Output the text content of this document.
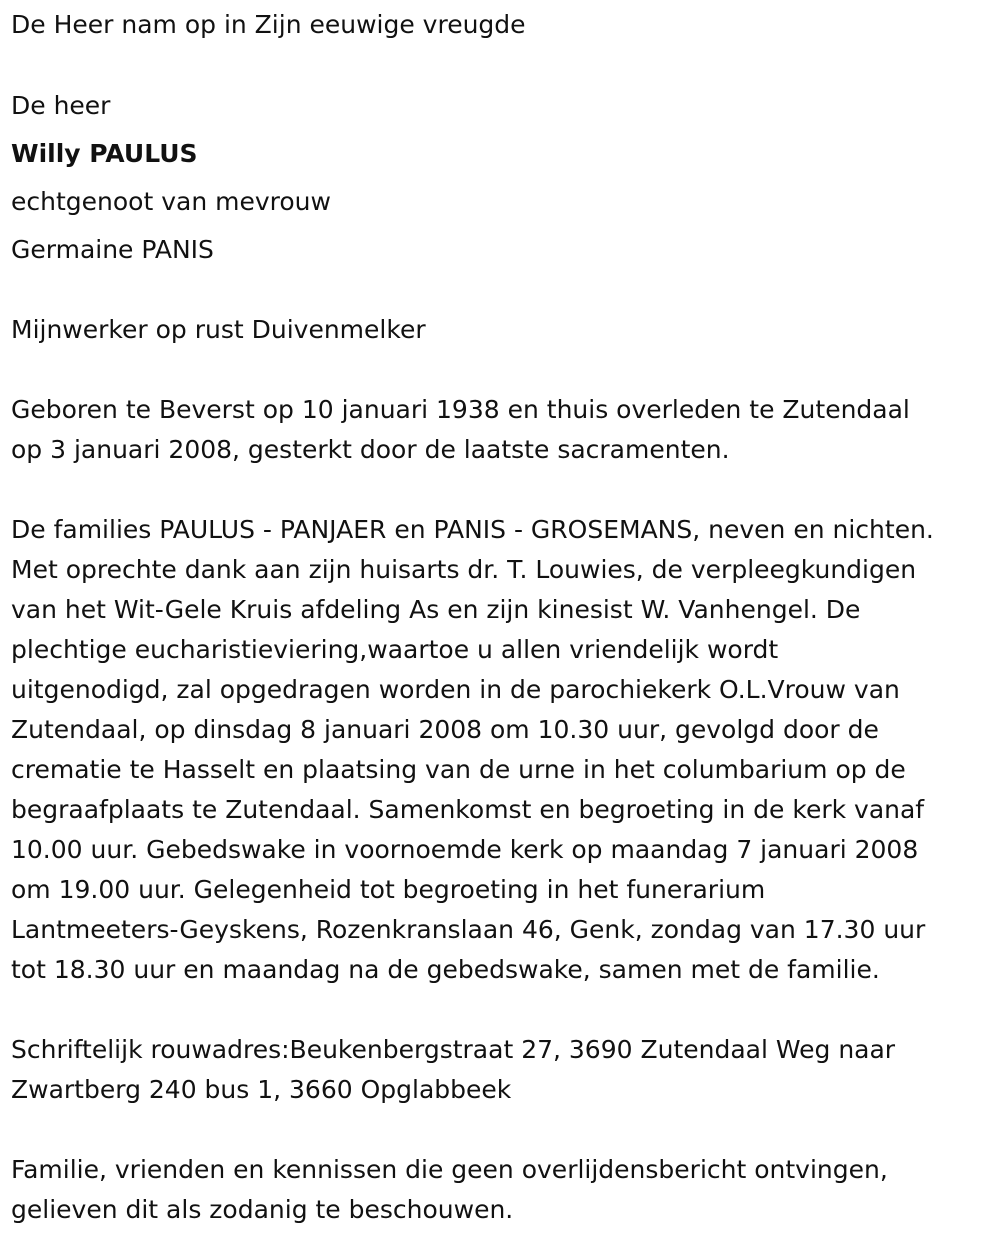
De Heer nam op in Zijn eeuwige vreugde

De heer

Willy PAULUS

echtgenoot van mevrouw

Germaine PANIS

Mijnwerker op rust Duivenmelker

Geboren te Beverst op 10 januari 1938 en thuis overleden te Zutendaal
op 3 januari 2008, gesterkt door de laatste sacramenten.
De families PAULUS - PANJAER en PANIS - GROSEMANS, neven en nichten.
Met oprechte dank aan zijn huisarts dr. T. Louwies, de verpleegkundigen
van het Wit-Gele Kruis afdeling As en zijn kinesist W. Vanhengel. De
plechtige eucharistieviering,waartoe u allen vriendelijk wordt
uitgenodigd, zal opgedragen worden in de parochiekerk O.L.Vrouw van
Zutendaal, op dinsdag 8 januari 2008 om 10.30 uur, gevolgd door de
crematie te Hasselt en plaatsing van de urne in het columbarium op de
begraafplaats te Zutendaal. Samenkomst en begroeting in de kerk vanaf
10.00 uur. Gebedswake in voornoemde kerk op maandag 7 januari 2008
om 19.00 uur. Gelegenheid tot begroeting in het funerarium
Lantmeeters-Geyskens, Rozenkranslaan 46, Genk, zondag van 17.30 uur
tot 18.30 uur en maandag na de gebedswake, samen met de familie.
Schriftelijk rouwadres:Beukenbergstraat 27, 3690 Zutendaal Weg naar
Zwartberg 240 bus 1, 3660 Opglabbeek
Familie, vrienden en kennissen die geen overlijdensbericht ontvingen,
gelieven dit als zodanig te beschouwen.
